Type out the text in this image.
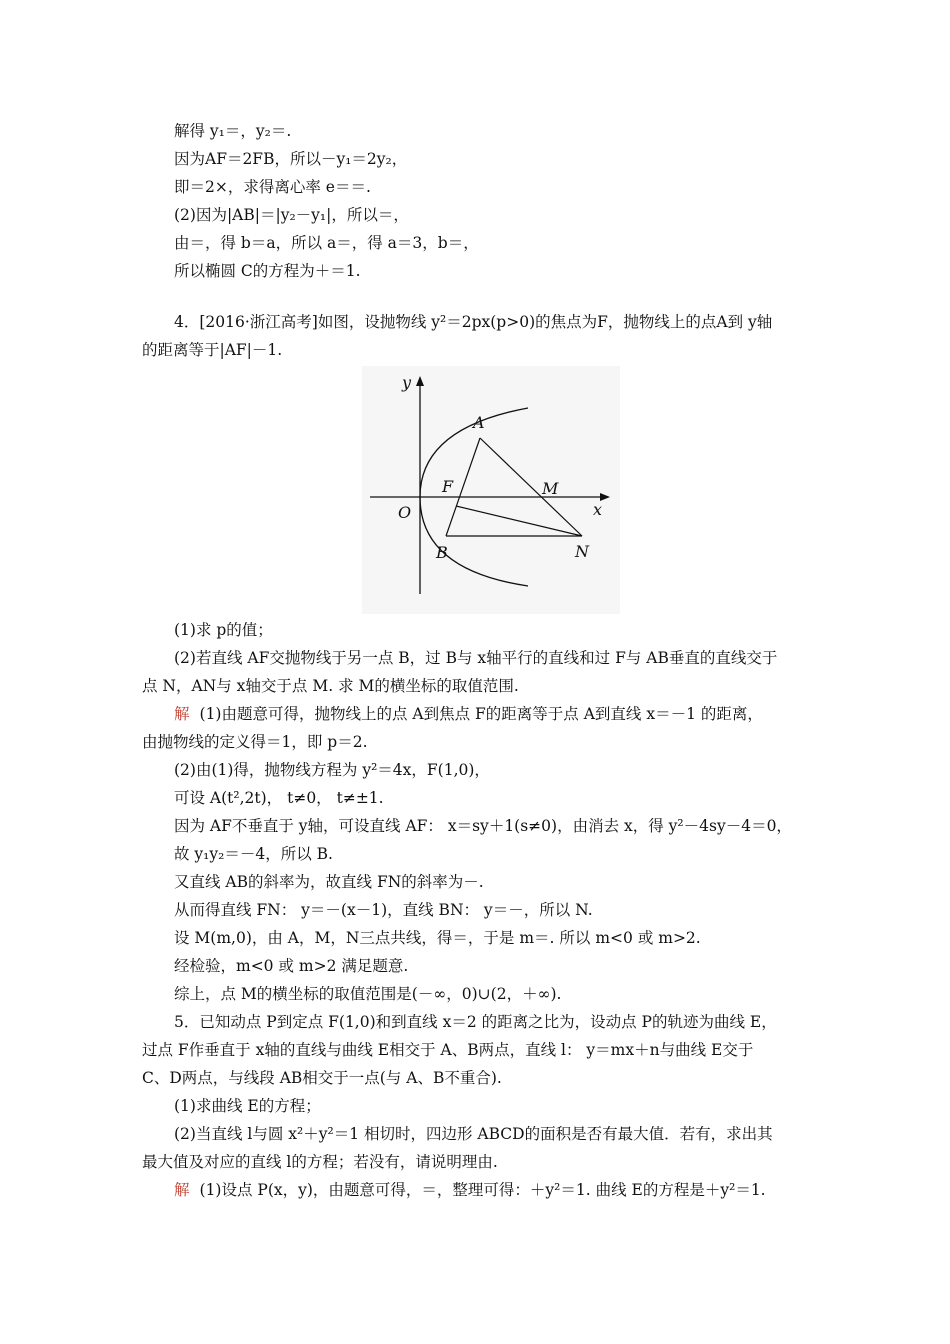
解得 y₁＝，y₂＝.
因为AF＝2FB，所以－y₁＝2y₂，
即＝2×，求得离心率 e＝＝.
(2)因为|AB|＝|y₂－y₁|，所以＝，
由＝，得 b＝a，所以 a＝，得 a＝3，b＝，
所以椭圆 C的方程为＋＝1.
4．[2016·浙江高考]如图，设抛物线 y²＝2px(p>0)的焦点为F，抛物线上的点A到 y轴
的距离等于|AF|－1.
y
A
F	M
O	x
B	N
(1)求 p的值；
(2)若直线 AF交抛物线于另一点 B，过 B与 x轴平行的直线和过 F与 AB垂直的直线交于
点 N，AN与 x轴交于点 M. 求 M的横坐标的取值范围.
解 (1)由题意可得，抛物线上的点 A到焦点 F的距离等于点 A到直线 x＝－1 的距离，
由抛物线的定义得＝1，即 p＝2.
(2)由(1)得，抛物线方程为 y²＝4x，F(1,0)，
可设 A(t²,2t)， t≠0， t≠±1.
因为 AF不垂直于 y轴，可设直线 AF： x＝sy＋1(s≠0)，由消去 x，得 y²－4sy－4＝0，
故 y₁y₂＝－4，所以 B.
又直线 AB的斜率为，故直线 FN的斜率为－.
从而得直线 FN： y＝－(x－1)，直线 BN： y＝－，所以 N.
设 M(m,0)，由 A，M，N三点共线，得＝，于是 m＝. 所以 m<0 或 m>2.
经检验，m<0 或 m>2 满足题意.
综上，点 M的横坐标的取值范围是(－∞，0)∪(2，＋∞).
5．已知动点 P到定点 F(1,0)和到直线 x＝2 的距离之比为，设动点 P的轨迹为曲线 E，
过点 F作垂直于 x轴的直线与曲线 E相交于 A、B两点，直线 l： y＝mx＋n与曲线 E交于
C、D两点，与线段 AB相交于一点(与 A、B不重合).
(1)求曲线 E的方程；
(2)当直线 l与圆 x²＋y²＝1 相切时，四边形 ABCD的面积是否有最大值．若有，求出其
最大值及对应的直线 l的方程；若没有，请说明理由.
解 (1)设点 P(x，y)，由题意可得，＝，整理可得：＋y²＝1. 曲线 E的方程是＋y²＝1.
